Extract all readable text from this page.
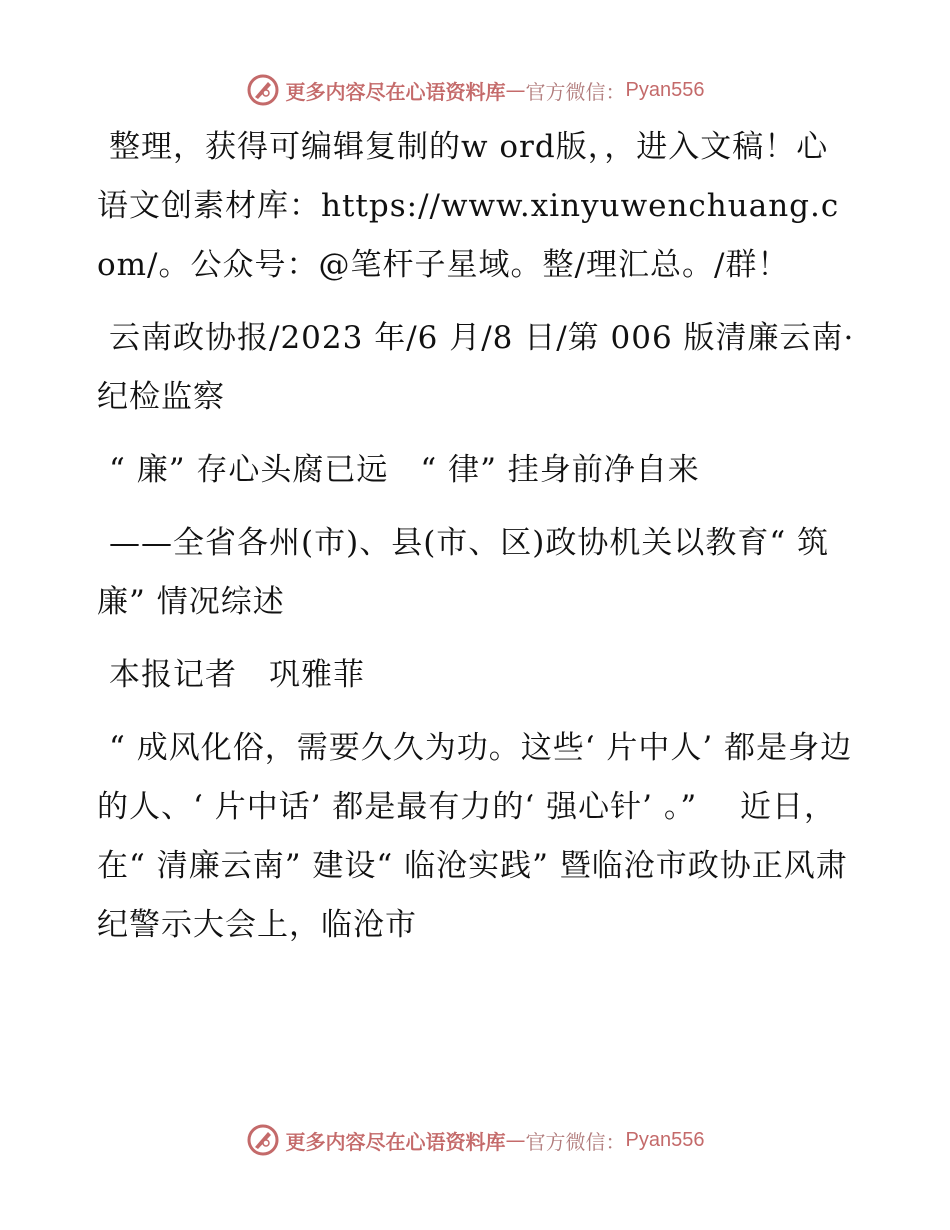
更多内容尽在心语资料库 — 官方微信： Pyan556

整理，获得可编辑复制的w ord版，，进入文稿！心语文创素材库：https://www.xinyuwenchuang.com/。公众号：@笔杆子星域。整/理汇总。/群！

云南政协报/2023 年/6 月/8 日/第 006 版清廉云南· 纪检监察

“ 廉” 存心头腐已远　“ 律” 挂身前净自来

——全省各州(市)、县(市、区)政协机关以教育“ 筑廉” 情况综述

本报记者　巩雅菲

“ 成风化俗，需要久久为功。这些‘ 片中人’ 都是身边的人、‘ 片中话’ 都是最有力的‘ 强心针’ 。” 　近日，在“ 清廉云南” 建设“ 临沧实践” 暨临沧市政协正风肃纪警示大会上，临沧市

更多内容尽在心语资料库 — 官方微信： Pyan556
